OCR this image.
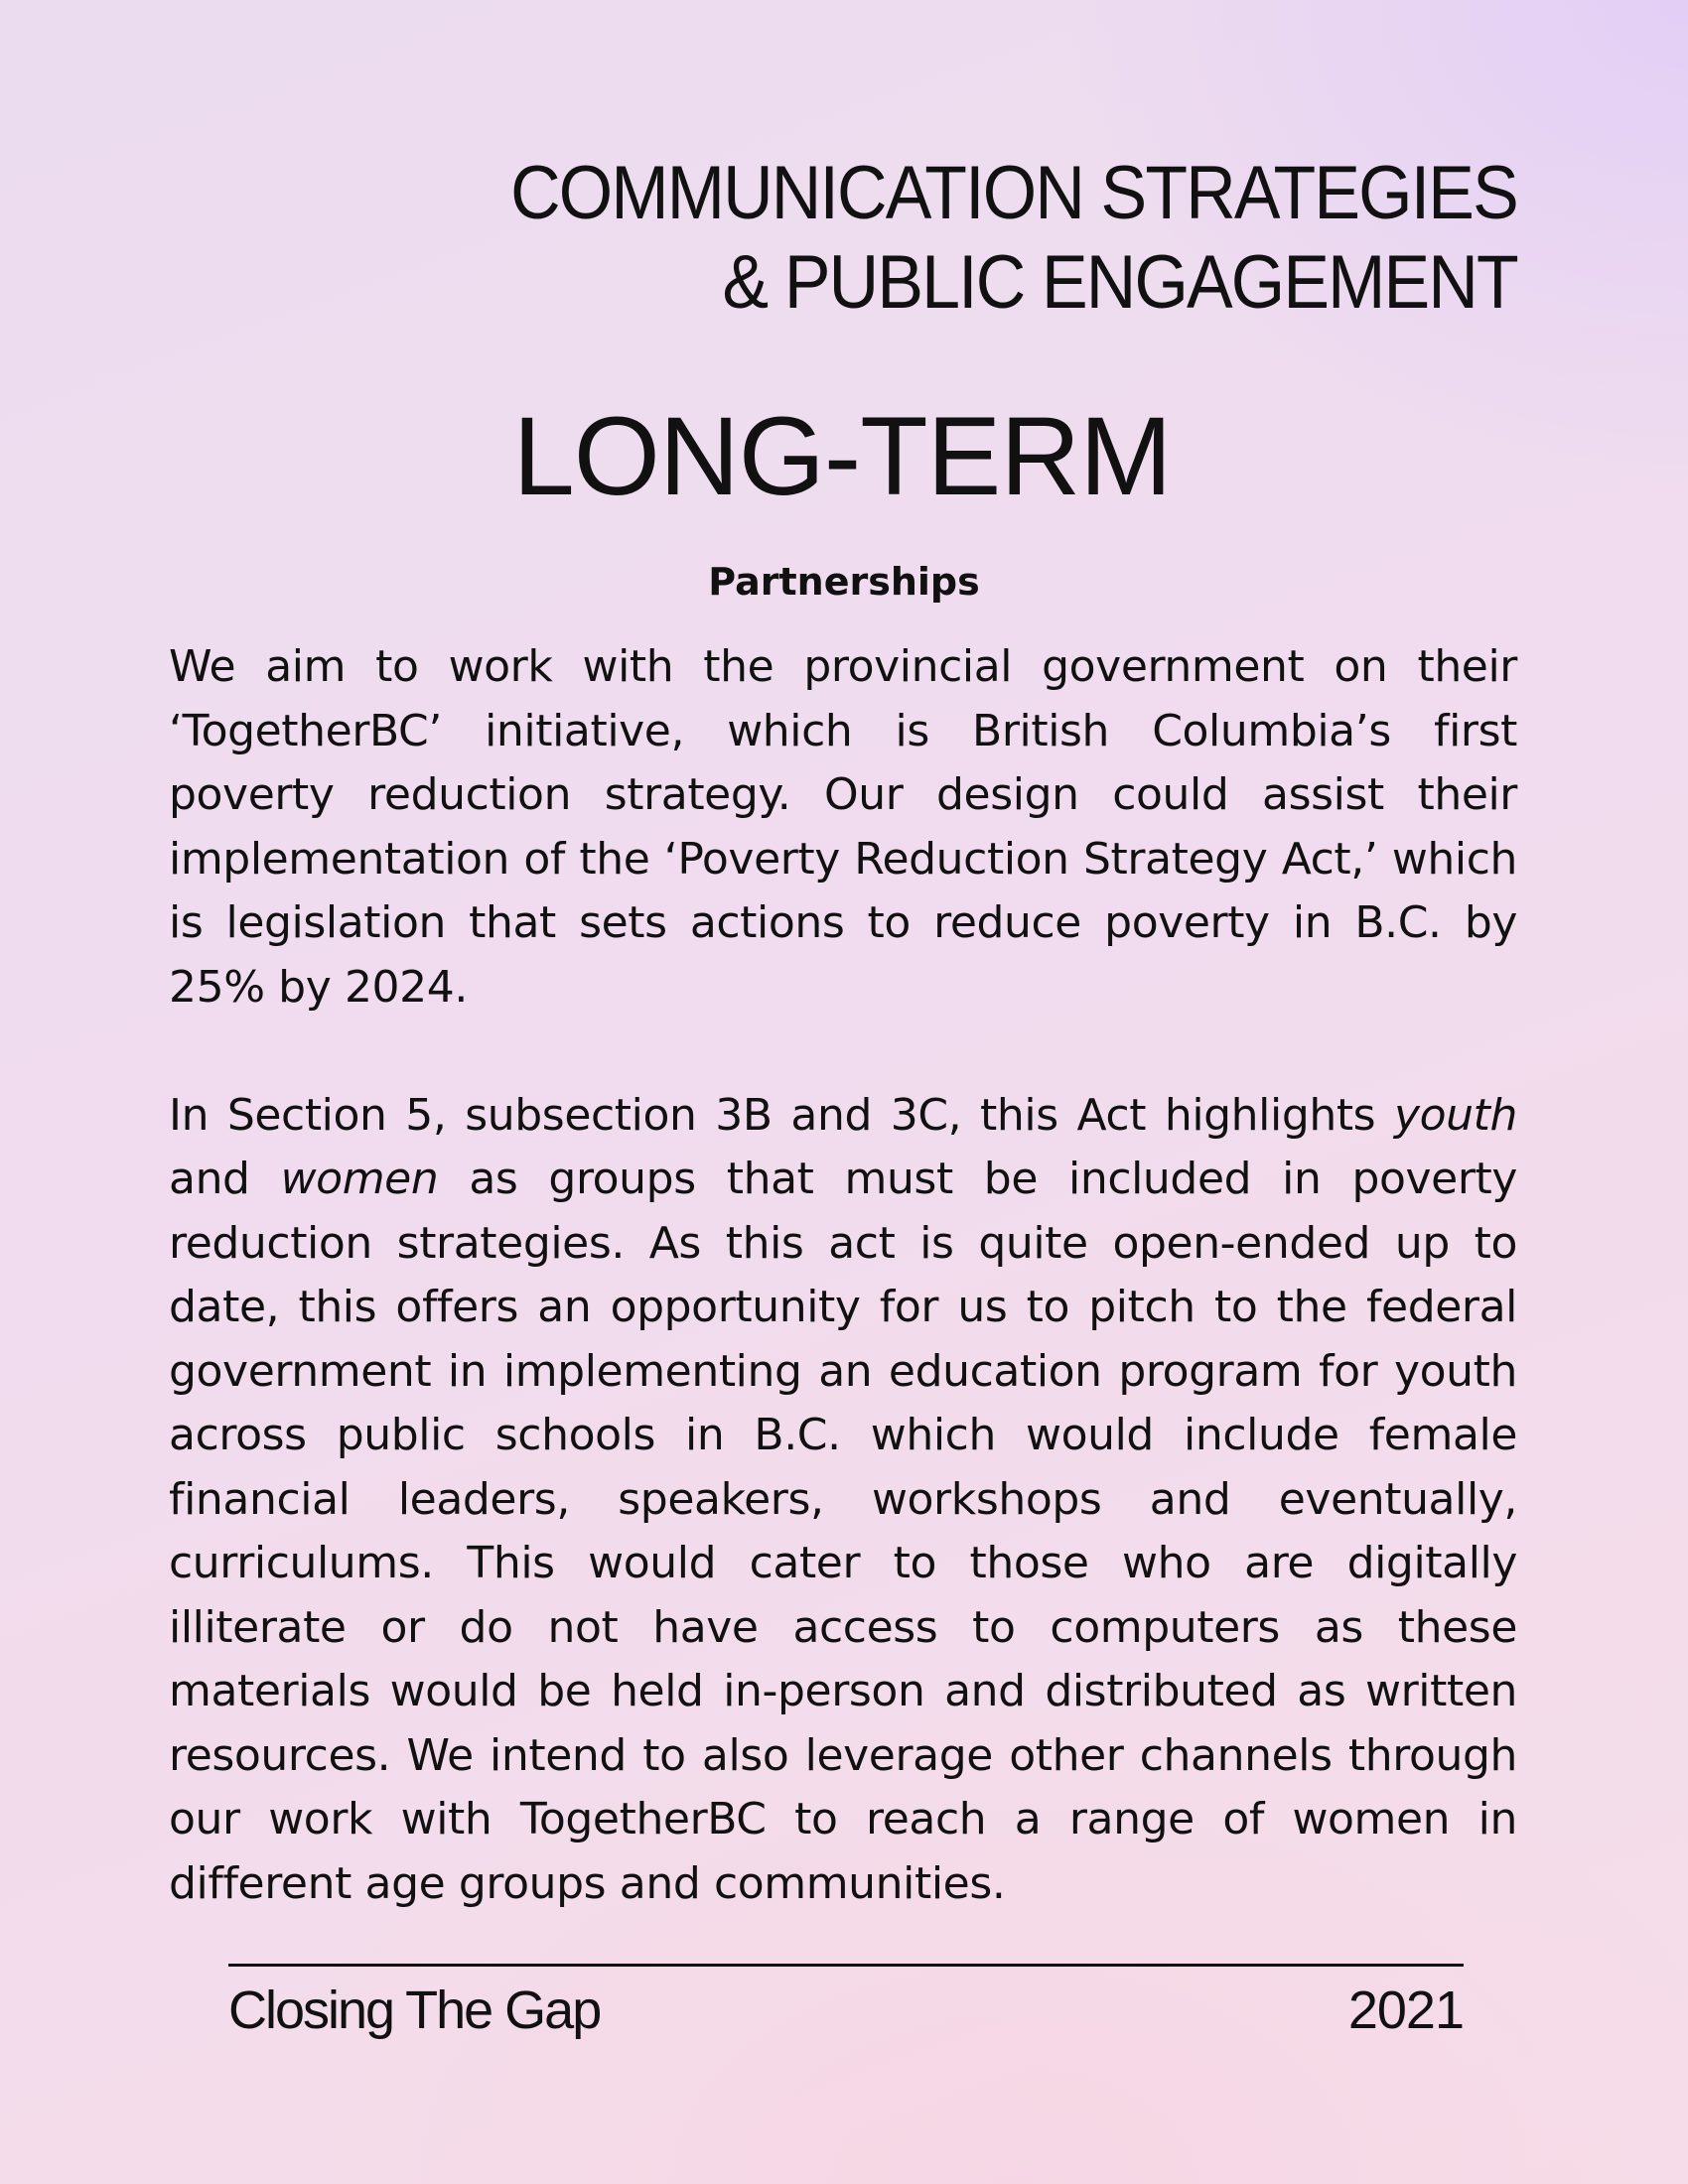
COMMUNICATION STRATEGIES
& PUBLIC ENGAGEMENT
LONG-TERM
Partnerships

We aim to work with the provincial government on their ‘TogetherBC’ initiative, which is British Columbia’s first poverty reduction strategy. Our design could assist their implementation of the ‘Poverty Reduction Strategy Act,’ which is legislation that sets actions to reduce poverty in B.C. by 25% by 2024.

In Section 5, subsection 3B and 3C, this Act highlights youth and women as groups that must be included in poverty reduction strategies. As this act is quite open-ended up to date, this offers an opportunity for us to pitch to the federal government in implementing an education program for youth across public schools in B.C. which would include female financial leaders, speakers, workshops and eventually, curriculums. This would cater to those who are digitally illiterate or do not have access to computers as these materials would be held in-person and distributed as written resources. We intend to also leverage other channels through our work with TogetherBC to reach a range of women in different age groups and communities.

Closing The Gap	2021
